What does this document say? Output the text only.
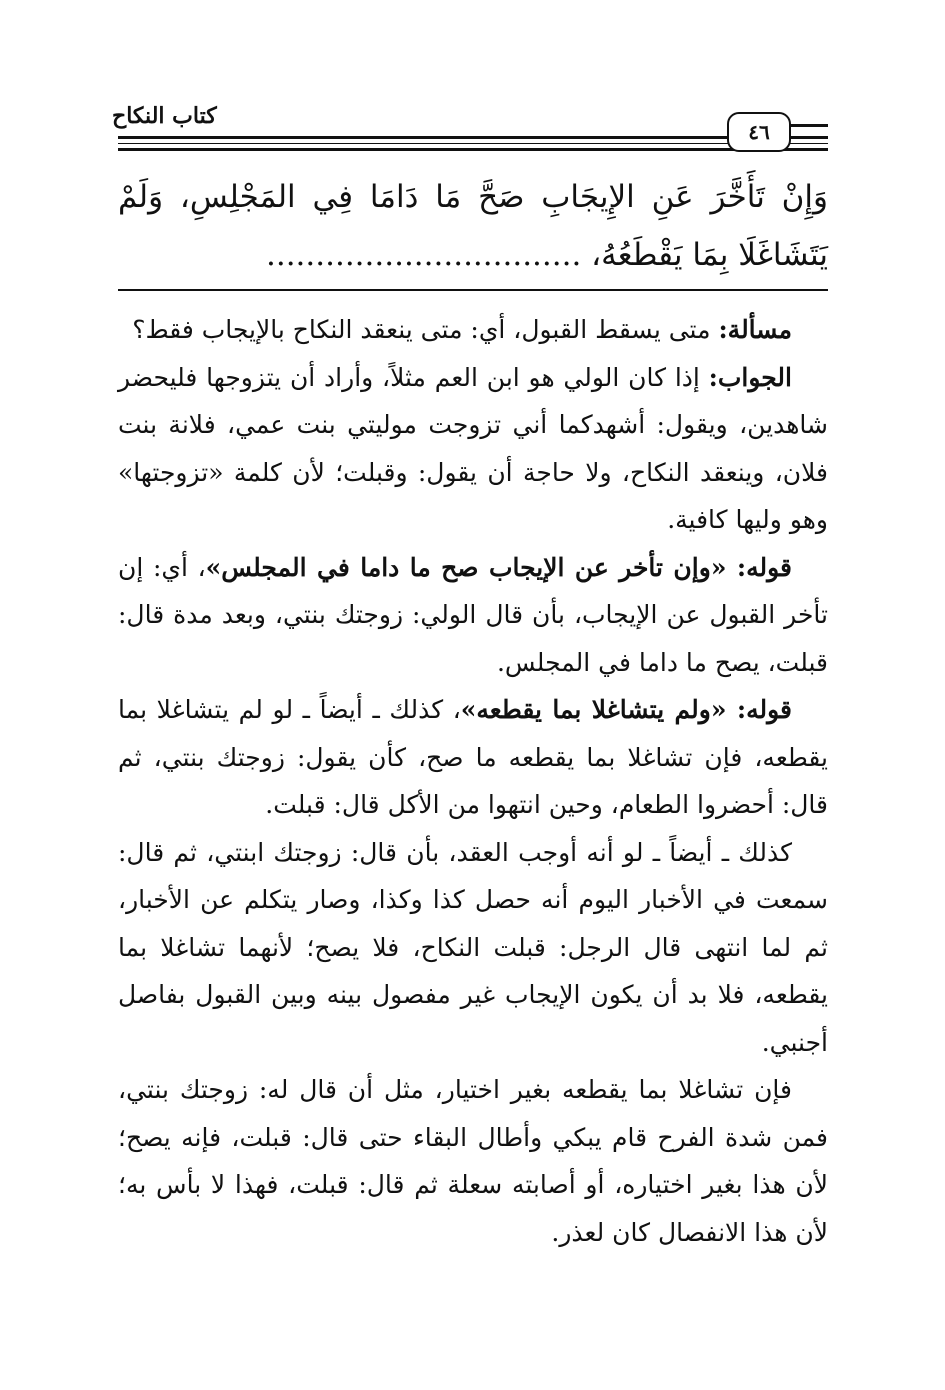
كتاب النكاح
٤٦
وَإِنْ تَأَخَّرَ عَنِ الإِيجَابِ صَحَّ مَا دَامَا فِي المَجْلِسِ، وَلَمْ يَتَشَاغَلَا بِمَا يَقْطَعُهُ، ................................

مسألة: متى يسقط القبول، أي: متى ينعقد النكاح بالإيجاب فقط؟

الجواب: إذا كان الولي هو ابن العم مثلاً، وأراد أن يتزوجها فليحضر شاهدين، ويقول: أشهدكما أني تزوجت موليتي بنت عمي، فلانة بنت فلان، وينعقد النكاح، ولا حاجة أن يقول: وقبلت؛ لأن كلمة «تزوجتها» وهو وليها كافية.

قوله: «وإن تأخر عن الإيجاب صح ما داما في المجلس»، أي: إن تأخر القبول عن الإيجاب، بأن قال الولي: زوجتك بنتي، وبعد مدة قال: قبلت، يصح ما داما في المجلس.

قوله: «ولم يتشاغلا بما يقطعه»، كذلك ـ أيضاً ـ لو لم يتشاغلا بما يقطعه، فإن تشاغلا بما يقطعه ما صح، كأن يقول: زوجتك بنتي، ثم قال: أحضروا الطعام، وحين انتهوا من الأكل قال: قبلت.

كذلك ـ أيضاً ـ لو أنه أوجب العقد، بأن قال: زوجتك ابنتي، ثم قال: سمعت في الأخبار اليوم أنه حصل كذا وكذا، وصار يتكلم عن الأخبار، ثم لما انتهى قال الرجل: قبلت النكاح، فلا يصح؛ لأنهما تشاغلا بما يقطعه، فلا بد أن يكون الإيجاب غير مفصول بينه وبين القبول بفاصل أجنبي.

فإن تشاغلا بما يقطعه بغير اختيار، مثل أن قال له: زوجتك بنتي، فمن شدة الفرح قام يبكي وأطال البقاء حتى قال: قبلت، فإنه يصح؛ لأن هذا بغير اختياره، أو أصابته سعلة ثم قال: قبلت، فهذا لا بأس به؛ لأن هذا الانفصال كان لعذر.
